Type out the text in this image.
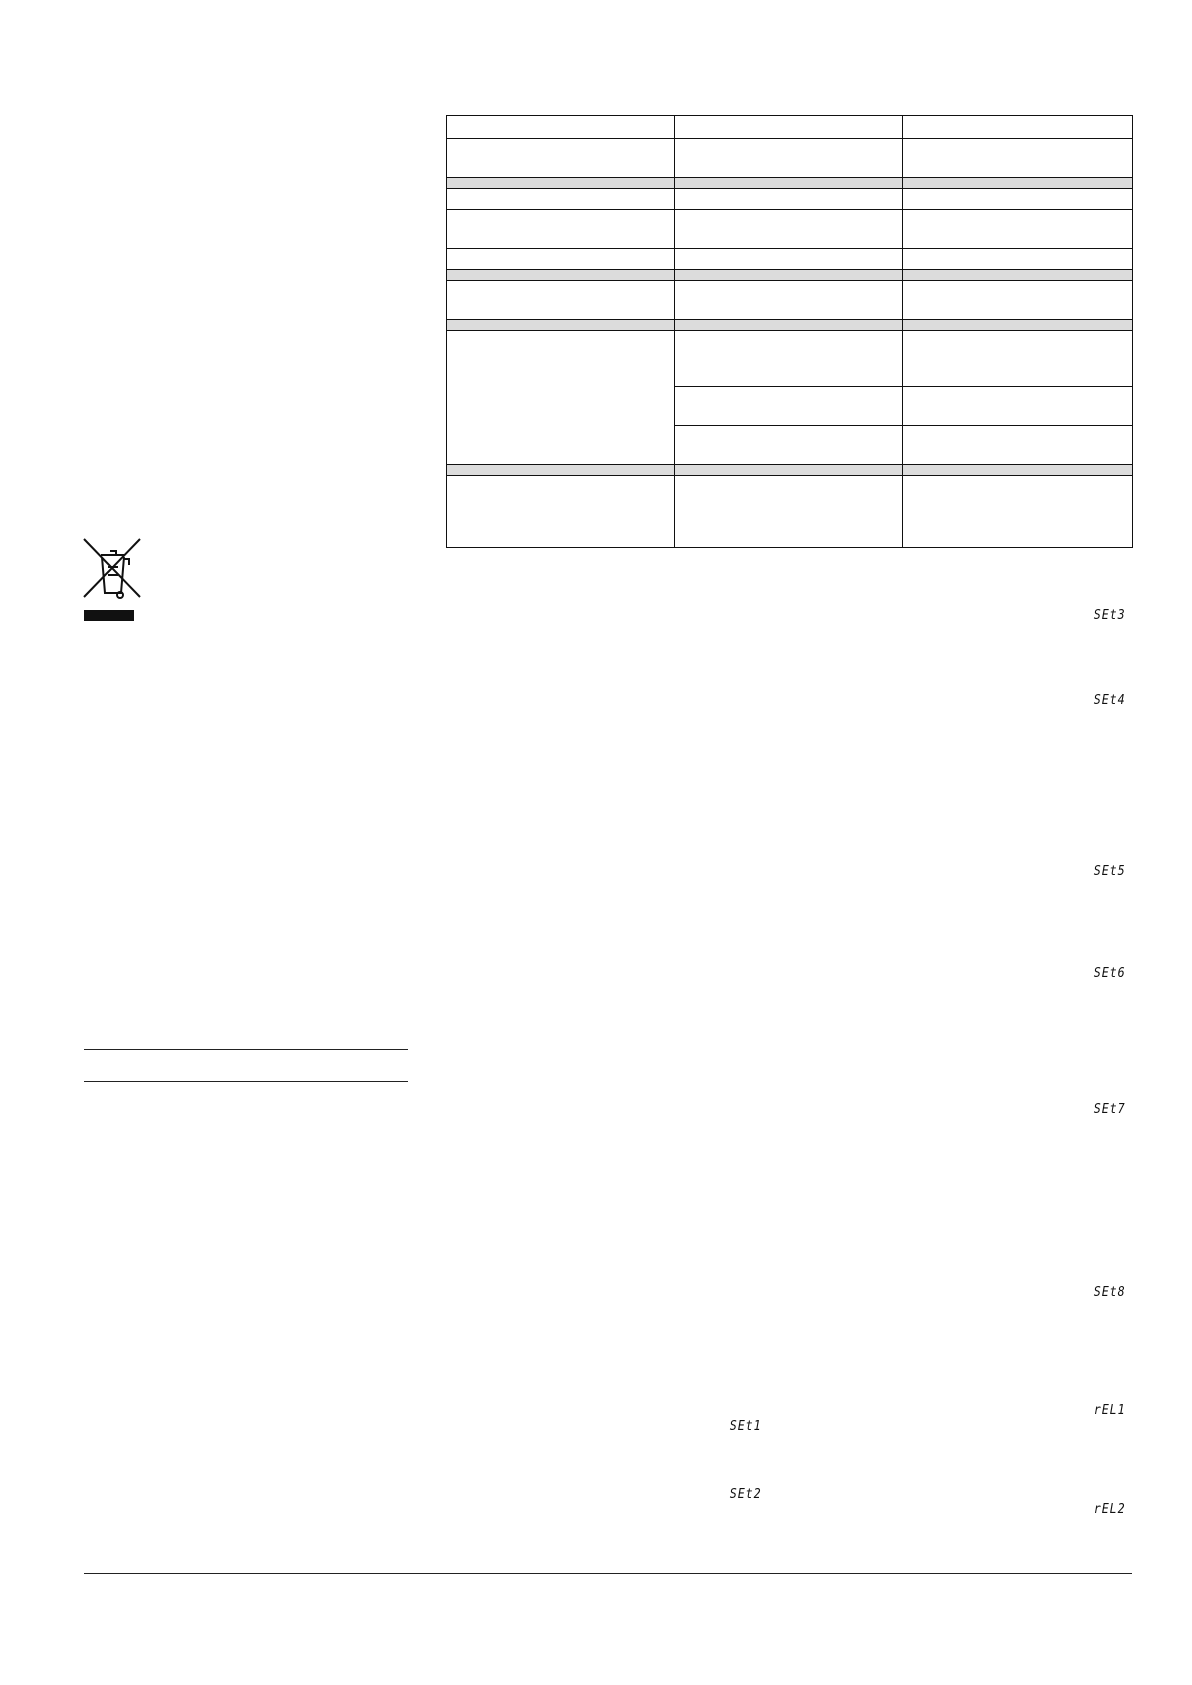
SEt3
SEt4
SEt5
SEt6
SEt7
SEt8
rEL1
rEL2
SEt1
SEt2
